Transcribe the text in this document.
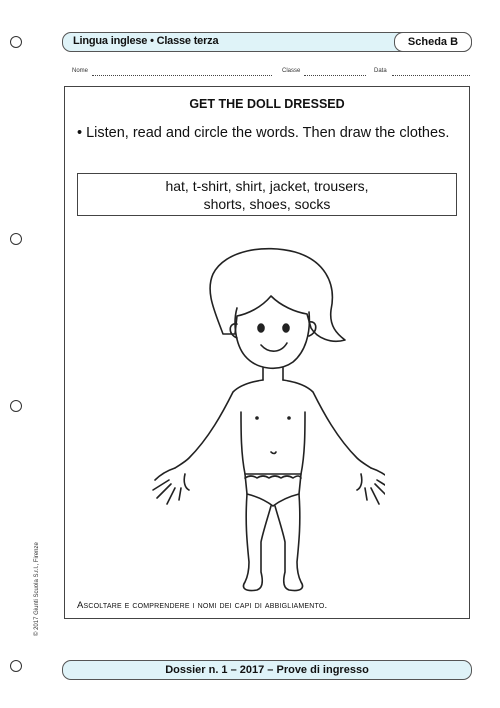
Lingua inglese • Classe terza	Scheda B
Nome	Classe	Data
GET THE DOLL DRESSED
• Listen, read and circle the words. Then draw the clothes.
hat, t-shirt, shirt, jacket, trousers,
shorts, shoes, socks
Ascoltare e comprendere i nomi dei capi di abbigliamento.
© 2017 Giunti Scuola S.r.l., Firenze
Dossier n. 1 – 2017 – Prove di ingresso
